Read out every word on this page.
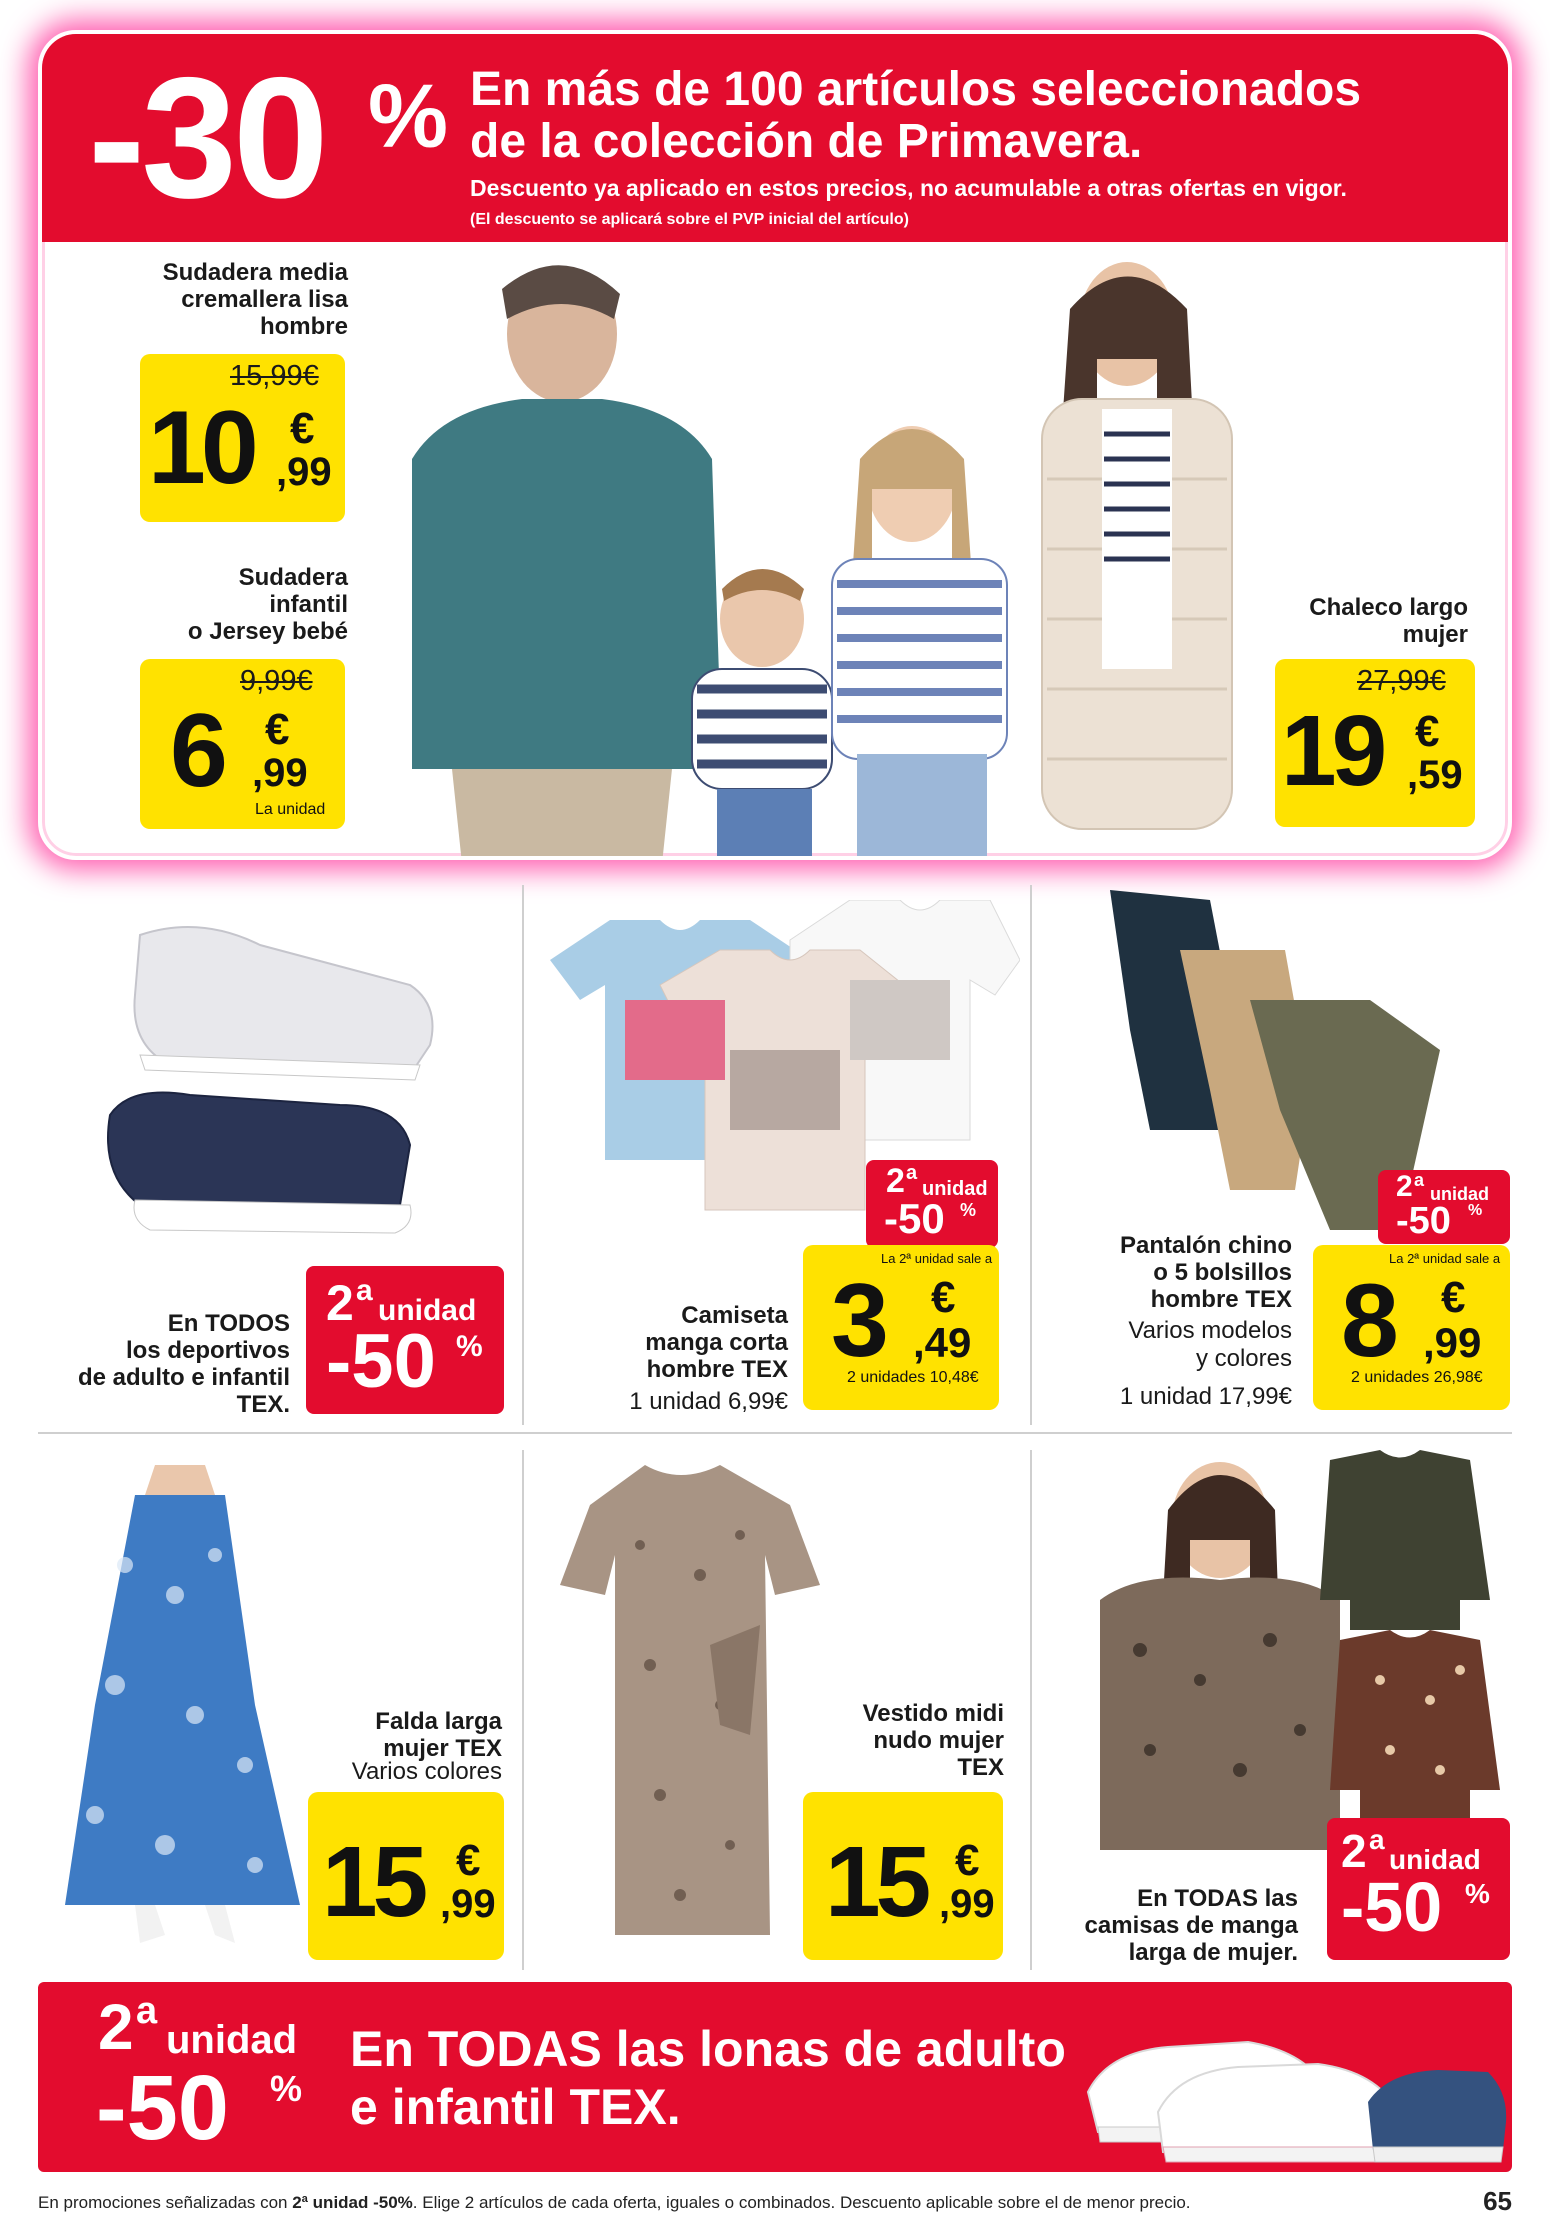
-30 % En más de 100 artículos seleccionados
de la colección de Primavera.
Descuento ya aplicado en estos precios, no acumulable a otras ofertas en vigor.
(El descuento se aplicará sobre el PVP inicial del artículo)
Sudadera media
cremallera lisa
hombre
15,99€
10 €
,99
Sudadera
infantil
o Jersey bebé
9,99€
6 €
,99
La unidad
Chaleco largo
mujer
27,99€
19 €
,59
En TODOS
los deportivos
de adulto e infantil
TEX.
2 a
unidad
-50 %
2 a
unidad
-50 %
La 2ª unidad sale a
3 €
,49
2 unidades 10,48€
Camiseta
manga corta
hombre TEX
1 unidad 6,99€
2 a
unidad
-50 %
La 2ª unidad sale a
8 €
,99
2 unidades 26,98€
Pantalón chino
o 5 bolsillos
hombre TEX
Varios modelos
y colores
1 unidad 17,99€
Falda larga
mujer TEX
Varios colores
15 €
,99
Vestido midi
nudo mujer
TEX
15 €
,99
2 a
unidad
-50 %
En TODAS las
camisas de manga
larga de mujer.
2 a
unidad
-50 %
En TODAS las lonas de adulto
e infantil TEX.
En promociones señalizadas con 2ª unidad -50%. Elige 2 artículos de cada oferta, iguales o combinados. Descuento aplicable sobre el de menor precio.	65
